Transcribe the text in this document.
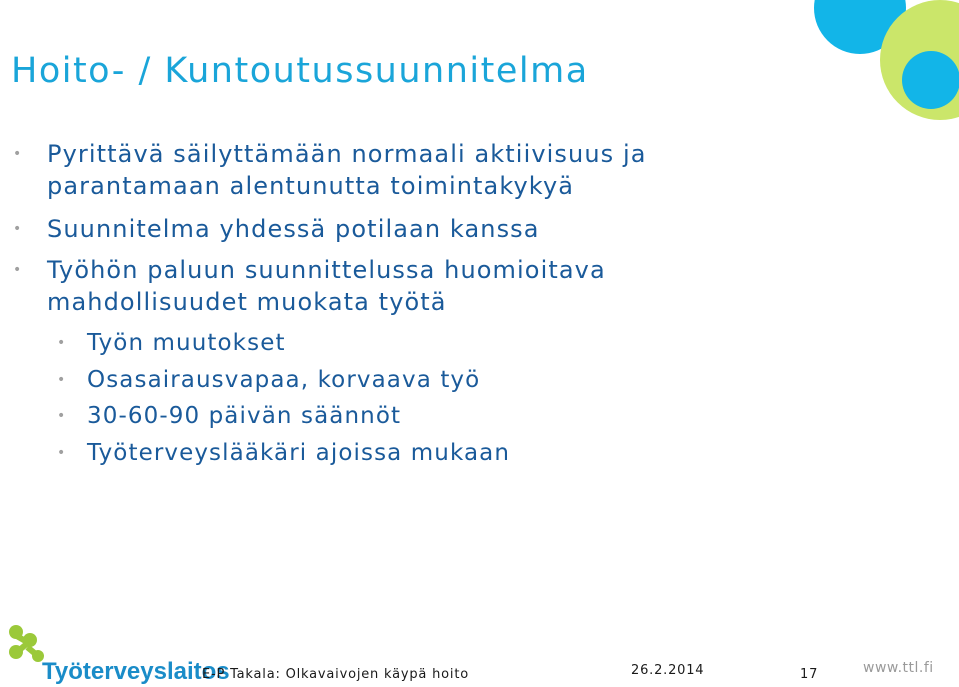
Hoito- / Kuntoutussuunnitelma
• Pyrittävä säilyttämään normaali aktiivisuus ja
parantamaan alentunutta toimintakykyä
• Suunnitelma yhdessä potilaan kanssa
• Työhön paluun suunnittelussa huomioitava
mahdollisuudet muokata työtä
• Työn muutokset
• Osasairausvapaa, korvaava työ
• 30-60-90 päivän säännöt
• Työterveyslääkäri ajoissa mukaan
Työterveyslaitos
E-P Takala: Olkavaivojen käypä hoito	26.2.2014	17	www.ttl.fi
